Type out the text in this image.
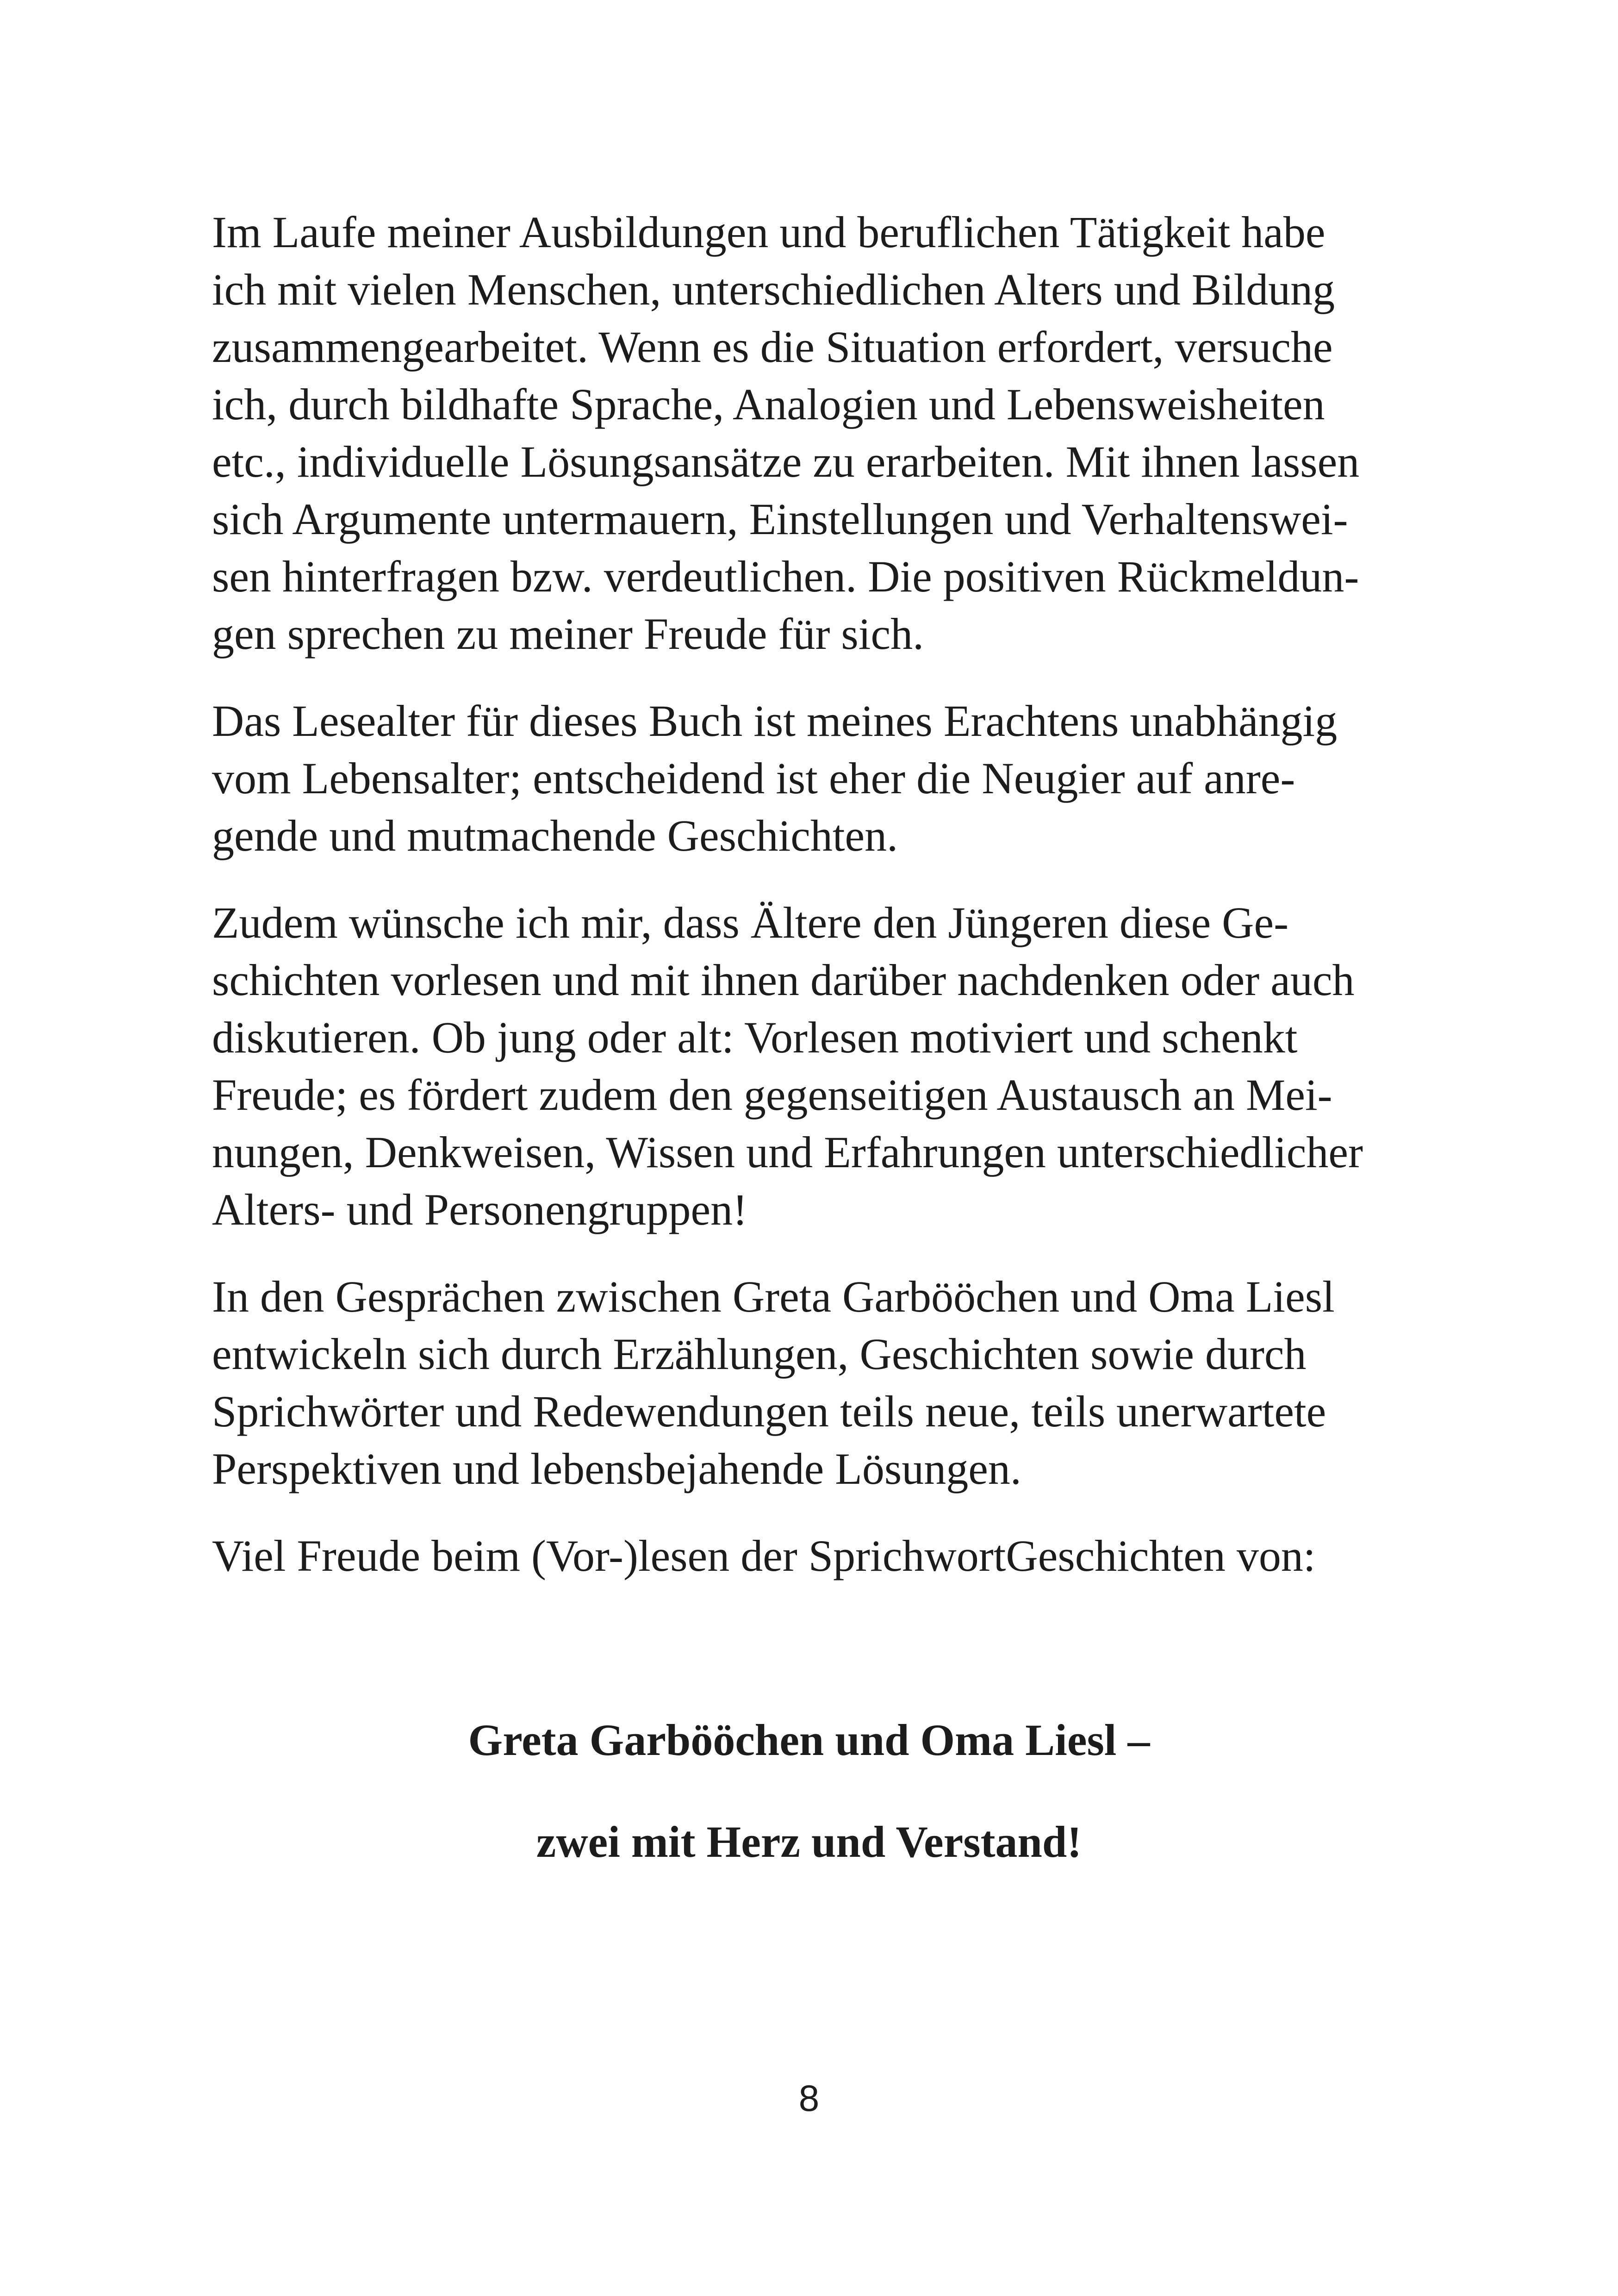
Im Laufe meiner Ausbildungen und beruflichen Tätigkeit habe
ich mit vielen Menschen, unterschiedlichen Alters und Bildung
zusammengearbeitet. Wenn es die Situation erfordert, versuche
ich, durch bildhafte Sprache, Analogien und Lebensweisheiten
etc., individuelle Lösungsansätze zu erarbeiten. Mit ihnen lassen
sich Argumente untermauern, Einstellungen und Verhaltenswei-
sen hinterfragen bzw. verdeutlichen. Die positiven Rückmeldun-
gen sprechen zu meiner Freude für sich.

Das Lesealter für dieses Buch ist meines Erachtens unabhängig
vom Lebensalter; entscheidend ist eher die Neugier auf anre-
gende und mutmachende Geschichten.

Zudem wünsche ich mir, dass Ältere den Jüngeren diese Ge-
schichten vorlesen und mit ihnen darüber nachdenken oder auch
diskutieren. Ob jung oder alt: Vorlesen motiviert und schenkt
Freude; es fördert zudem den gegenseitigen Austausch an Mei-
nungen, Denkweisen, Wissen und Erfahrungen unterschiedlicher
Alters- und Personengruppen!

In den Gesprächen zwischen Greta Garbööchen und Oma Liesl
entwickeln sich durch Erzählungen, Geschichten sowie durch
Sprichwörter und Redewendungen teils neue, teils unerwartete
Perspektiven und lebensbejahende Lösungen.

Viel Freude beim (Vor-)lesen der SprichwortGeschichten von:

Greta Garbööchen und Oma Liesl –
zwei mit Herz und Verstand!
8
